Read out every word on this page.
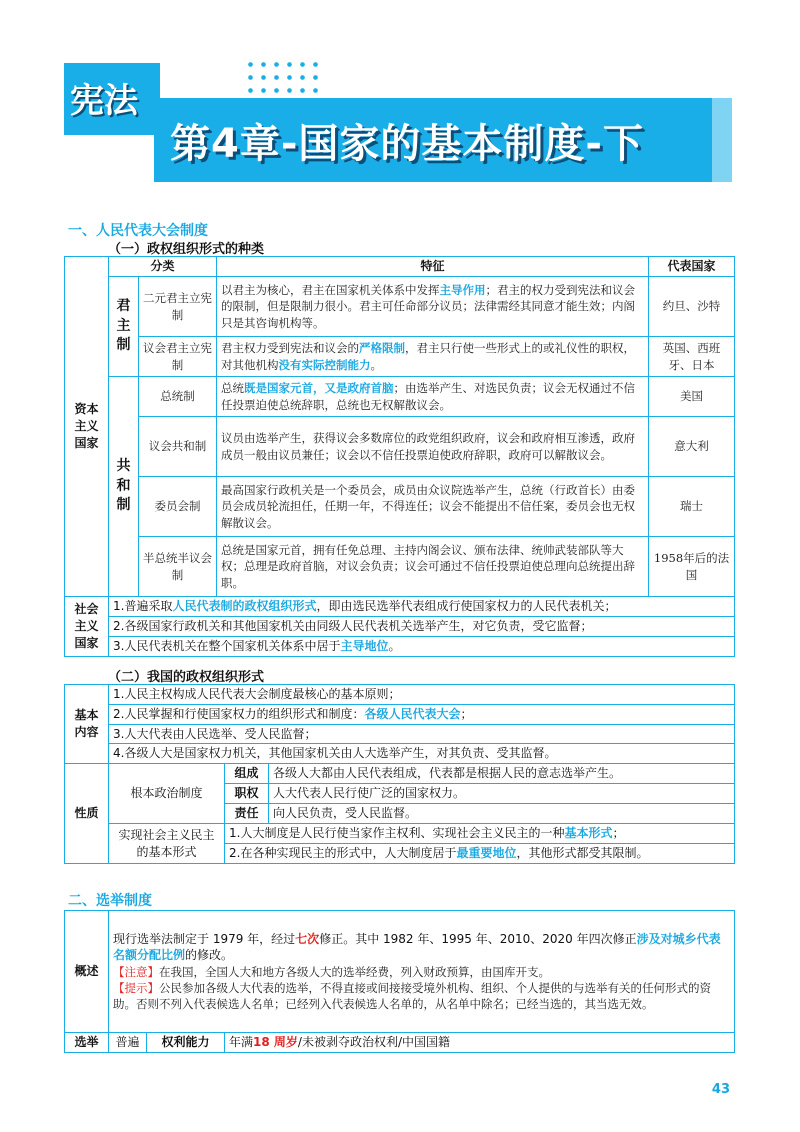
第4章-国家的基本制度-下
宪法
一、人民代表大会制度
（一）政权组织形式的种类
资本主义国家	分类		特征	代表国家
	君主制	二元君主立宪制	以君主为核心，君主在国家机关体系中发挥主导作用；君主的权力受到宪法和议会的限制，但是限制力很小。君主可任命部分议员；法律需经其同意才能生效；内阁只是其咨询机构等。	约旦、沙特
		议会君主立宪制	君主权力受到宪法和议会的严格限制，君主只行使一些形式上的或礼仪性的职权，对其他机构没有实际控制能力。	英国、西班牙、日本
	共和制	总统制	总统既是国家元首，又是政府首脑；由选举产生、对选民负责；议会无权通过不信任投票迫使总统辞职，总统也无权解散议会。	美国
		议会共和制	议员由选举产生，获得议会多数席位的政党组织政府，议会和政府相互渗透，政府成员一般由议员兼任；议会以不信任投票迫使政府辞职，政府可以解散议会。	意大利
		委员会制	最高国家行政机关是一个委员会，成员由众议院选举产生，总统（行政首长）由委员会成员轮流担任，任期一年，不得连任；议会不能提出不信任案，委员会也无权解散议会。	瑞士
		半总统半议会制	总统是国家元首，拥有任免总理、主持内阁会议、颁布法律、统帅武装部队等大权；总理是政府首脑，对议会负责；议会可通过不信任投票迫使总理向总统提出辞职。	1958年后的法国
社会主义国家	1.普遍采取人民代表制的政权组织形式，即由选民选举代表组成行使国家权力的人民代表机关；			
	2.各级国家行政机关和其他国家机关由同级人民代表机关选举产生，对它负责，受它监督；			
	3.人民代表机关在整个国家机关体系中居于主导地位。			
（二）我国的政权组织形式
基本内容	1.人民主权构成人民代表大会制度最核心的基本原则；		
	2.人民掌握和行使国家权力的组织形式和制度：各级人民代表大会；		
	3.人大代表由人民选举、受人民监督；		
	4.各级人大是国家权力机关，其他国家机关由人大选举产生，对其负责、受其监督。		
性质	根本政治制度	组成	各级人大都由人民代表组成，代表都是根据人民的意志选举产生。
		职权	人大代表人民行使广泛的国家权力。
		责任	向人民负责，受人民监督。
	实现社会主义民主的基本形式	1.人大制度是人民行使当家作主权利、实现社会主义民主的一种基本形式；	
		2.在各种实现民主的形式中，人大制度居于最重要地位，其他形式都受其限制。	
二、选举制度
概述	现行选举法制定于 1979 年，经过七次修正。其中 1982 年、1995 年、2010、2020 年四次修正涉及对城乡代表名额分配比例的修改。
【注意】在我国，全国人大和地方各级人大的选举经费，列入财政预算，由国库开支。
【提示】公民参加各级人大代表的选举，不得直接或间接接受境外机构、组织、个人提供的与选举有关的任何形式的资助。否则不列入代表候选人名单；已经列入代表候选人名单的，从名单中除名；已经当选的，其当选无效。		

选举	普遍	权利能力	年满18 周岁/未被剥夺政治权利/中国国籍
43
